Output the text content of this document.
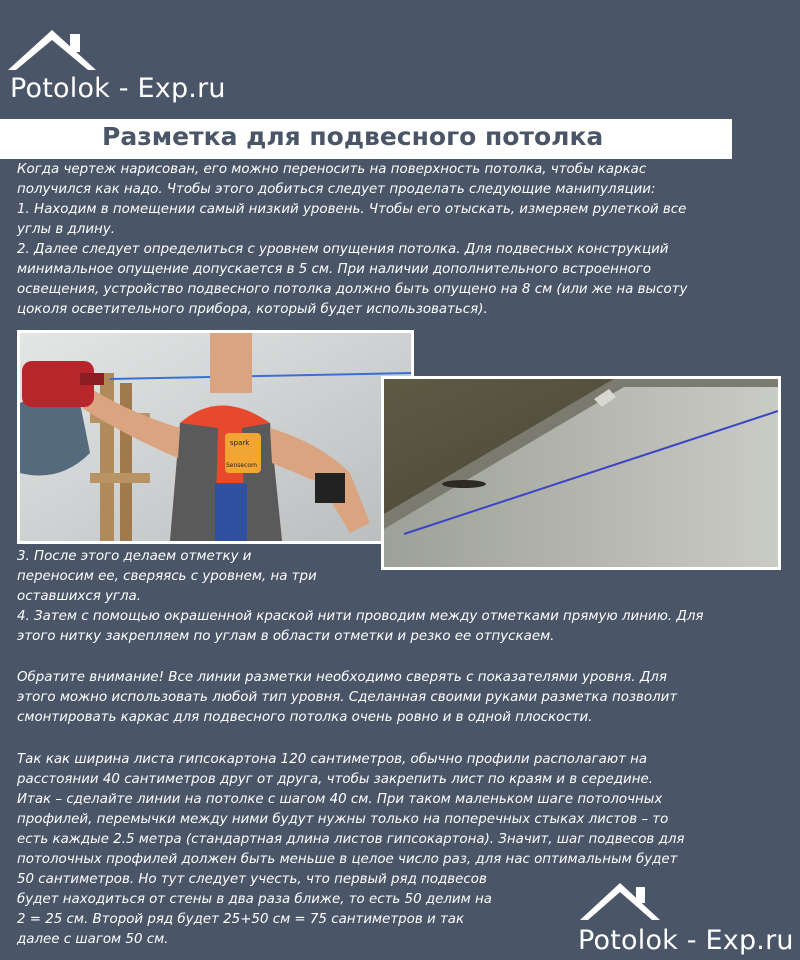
Potolok - Exp.ru
Разметка для подвесного потолка
Когда чертеж нарисован, его можно переносить на поверхность потолка, чтобы каркас
получился как надо. Чтобы этого добиться следует проделать следующие манипуляции:
1. Находим в помещении самый низкий уровень. Чтобы его отыскать, измеряем рулеткой все
углы в длину.
2. Далее следует определиться с уровнем опущения потолка. Для подвесных конструкций
минимальное опущение допускается в 5 см. При наличии дополнительного встроенного
освещения, устройство подвесного потолка должно быть опущено на 8 см (или же на высоту
цоколя осветительного прибора, который будет использоваться).
spark
Sensecom
3. После этого делаем отметку и
переносим ее, сверяясь с уровнем, на три
оставшихся угла.
4. Затем с помощью окрашенной краской нити проводим между отметками прямую линию. Для
этого нитку закрепляем по углам в области отметки и резко ее отпускаем.
Обратите внимание! Все линии разметки необходимо сверять с показателями уровня. Для
этого можно использовать любой тип уровня. Сделанная своими руками разметка позволит
смонтировать каркас для подвесного потолка очень ровно и в одной плоскости.
Так как ширина листа гипсокартона 120 сантиметров, обычно профили располагают на
расстоянии 40 сантиметров друг от друга, чтобы закрепить лист по краям и в середине.
Итак – сделайте линии на потолке с шагом 40 см. При таком маленьком шаге потолочных
профилей, перемычки между ними будут нужны только на поперечных стыках листов – то
есть каждые 2.5 метра (стандартная длина листов гипсокартона). Значит, шаг подвесов для
потолочных профилей должен быть меньше в целое число раз, для нас оптимальным будет
50 сантиметров. Но тут следует учесть, что первый ряд подвесов
будет находиться от стены в два раза ближе, то есть 50 делим на
2 = 25 см. Второй ряд будет 25+50 см = 75 сантиметров и так
далее с шагом 50 см.	Potolok - Exp.ru
